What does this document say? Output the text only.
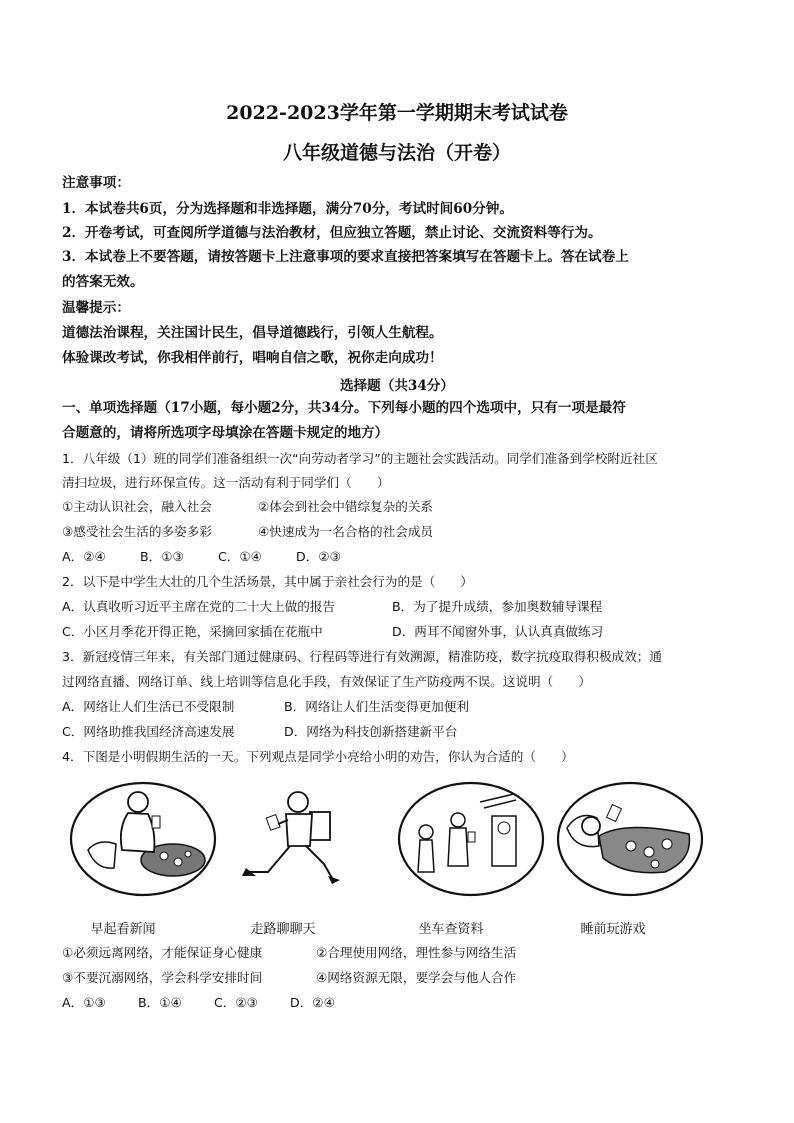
2022-2023学年第一学期期末考试试卷
八年级道德与法治（开卷）
注意事项：
1．本试卷共6页，分为选择题和非选择题，满分70分，考试时间60分钟。
2．开卷考试，可查阅所学道德与法治教材，但应独立答题，禁止讨论、交流资料等行为。
3．本试卷上不要答题，请按答题卡上注意事项的要求直接把答案填写在答题卡上。答在试卷上
的答案无效。
温馨提示：
道德法治课程，关注国计民生，倡导道德践行，引领人生航程。
体验课改考试，你我相伴前行，唱响自信之歌，祝你走向成功！
选择题（共34分）
一、单项选择题（17小题，每小题2分，共34分。下列每小题的四个选项中，只有一项是最符
合题意的，请将所选项字母填涂在答题卡规定的地方）
1．八年级（1）班的同学们准备组织一次“向劳动者学习”的主题社会实践活动。同学们准备到学校附近社区
清扫垃圾，进行环保宣传。这一活动有利于同学们（　　）
①主动认识社会，融入社会	②体会到社会中错综复杂的关系
③感受社会生活的多姿多彩	④快速成为一名合格的社会成员
A．②④	B．①③	C．①④	D．②③
2．以下是中学生大壮的几个生活场景，其中属于亲社会行为的是（　　）
A．认真收听习近平主席在党的二十大上做的报告	B．为了提升成绩，参加奥数辅导课程
C．小区月季花开得正艳，采摘回家插在花瓶中	D．两耳不闻窗外事，认认真真做练习
3．新冠疫情三年来，有关部门通过健康码、行程码等进行有效溯源，精准防疫，数字抗疫取得积极成效；通
过网络直播、网络订单、线上培训等信息化手段，有效保证了生产防疫两不误。这说明（　　）
A．网络让人们生活已不受限制	B．网络让人们生活变得更加便利
C．网络助推我国经济高速发展	D．网络为科技创新搭建新平台
4．下图是小明假期生活的一天。下列观点是同学小亮给小明的劝告，你认为合适的（　　）
早起看新闻	走路聊聊天	坐车查资料	睡前玩游戏
①必须远离网络，才能保证身心健康	②合理使用网络，理性参与网络生活
③不要沉溺网络，学会科学安排时间	④网络资源无限，要学会与他人合作
A．①③	B．①④	C．②③	D．②④
